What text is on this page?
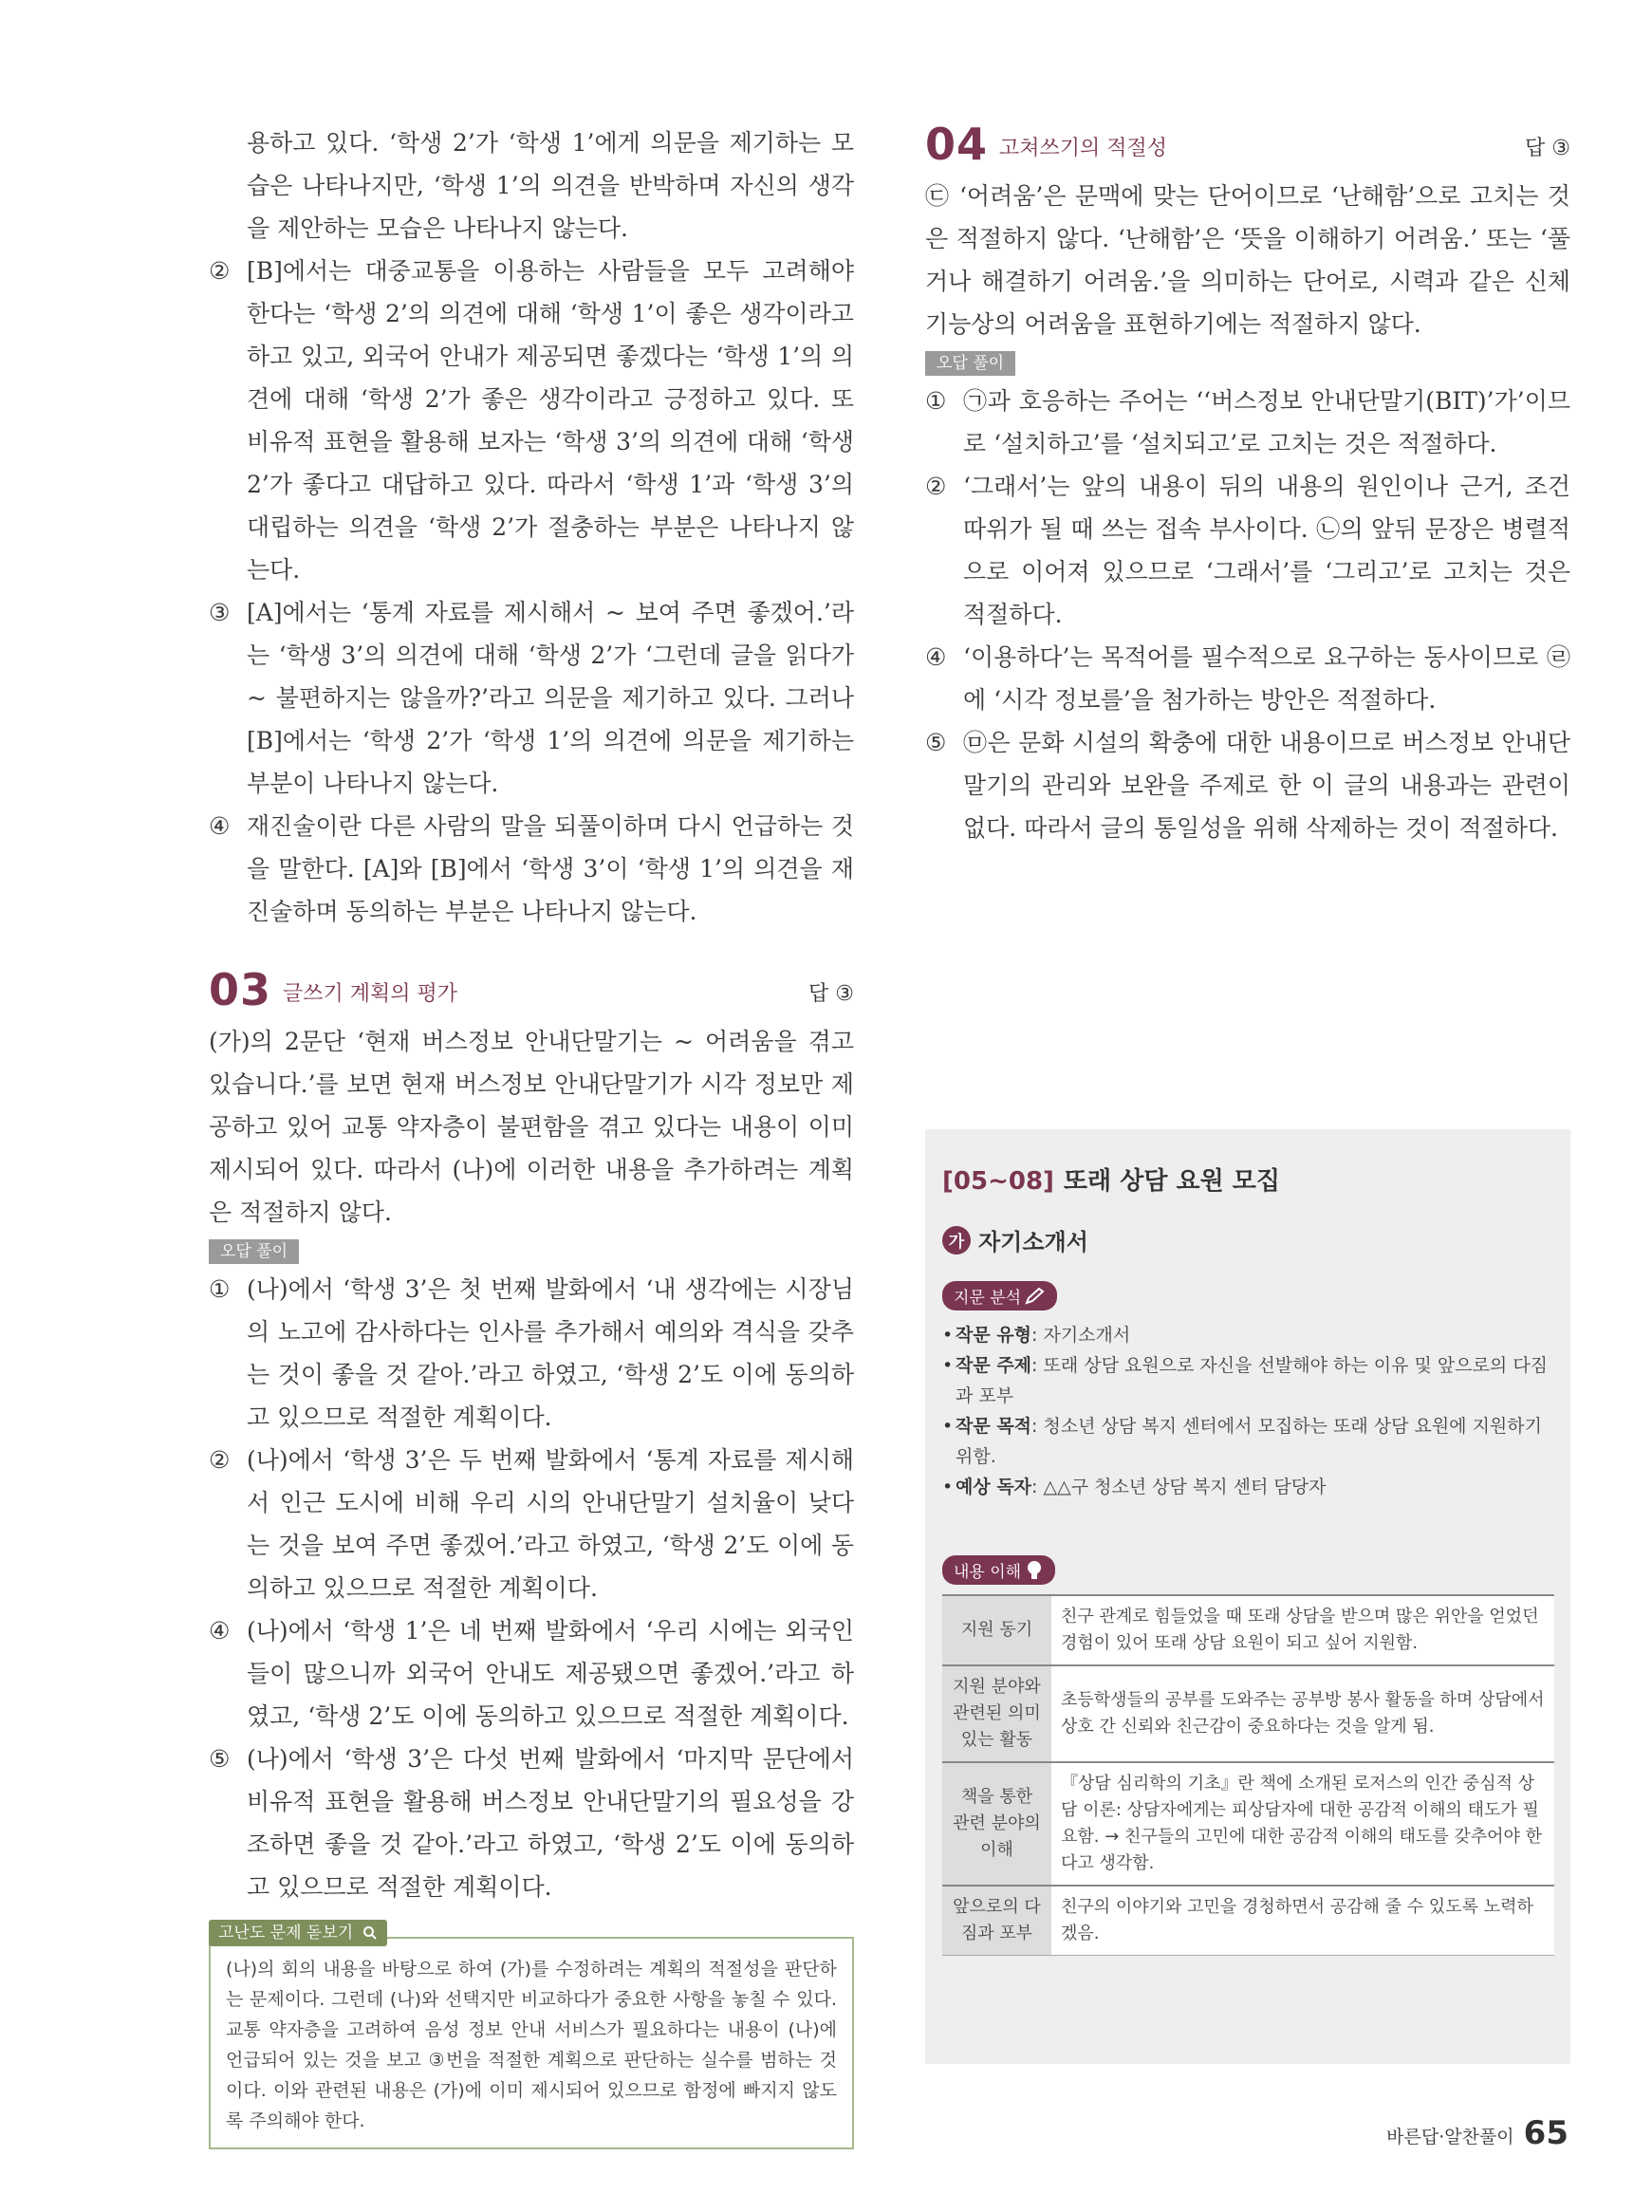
용하고 있다. ‘학생 2’가 ‘학생 1’에게 의문을 제기하는 모습은 나타나지만, ‘학생 1’의 의견을 반박하며 자신의 생각을 제안하는 모습은 나타나지 않는다.

② [B]에서는 대중교통을 이용하는 사람들을 모두 고려해야 한다는 ‘학생 2’의 의견에 대해 ‘학생 1’이 좋은 생각이라고 하고 있고, 외국어 안내가 제공되면 좋겠다는 ‘학생 1’의 의견에 대해 ‘학생 2’가 좋은 생각이라고 긍정하고 있다. 또 비유적 표현을 활용해 보자는 ‘학생 3’의 의견에 대해 ‘학생 2’가 좋다고 대답하고 있다. 따라서 ‘학생 1’과 ‘학생 3’의 대립하는 의견을 ‘학생 2’가 절충하는 부분은 나타나지 않는다.

③ [A]에서는 ‘통계 자료를 제시해서 ~ 보여 주면 좋겠어.’라는 ‘학생 3’의 의견에 대해 ‘학생 2’가 ‘그런데 글을 읽다가 ~ 불편하지는 않을까?’라고 의문을 제기하고 있다. 그러나 [B]에서는 ‘학생 2’가 ‘학생 1’의 의견에 의문을 제기하는 부분이 나타나지 않는다.

④ 재진술이란 다른 사람의 말을 되풀이하며 다시 언급하는 것을 말한다. [A]와 [B]에서 ‘학생 3’이 ‘학생 1’의 의견을 재진술하며 동의하는 부분은 나타나지 않는다.

03 글쓰기 계획의 평가	답 ③

(가)의 2문단 ‘현재 버스정보 안내단말기는 ~ 어려움을 겪고 있습니다.’를 보면 현재 버스정보 안내단말기가 시각 정보만 제공하고 있어 교통 약자층이 불편함을 겪고 있다는 내용이 이미 제시되어 있다. 따라서 (나)에 이러한 내용을 추가하려는 계획은 적절하지 않다.

오답 풀이

① (나)에서 ‘학생 3’은 첫 번째 발화에서 ‘내 생각에는 시장님의 노고에 감사하다는 인사를 추가해서 예의와 격식을 갖추는 것이 좋을 것 같아.’라고 하였고, ‘학생 2’도 이에 동의하고 있으므로 적절한 계획이다.

② (나)에서 ‘학생 3’은 두 번째 발화에서 ‘통계 자료를 제시해서 인근 도시에 비해 우리 시의 안내단말기 설치율이 낮다는 것을 보여 주면 좋겠어.’라고 하였고, ‘학생 2’도 이에 동의하고 있으므로 적절한 계획이다.

④ (나)에서 ‘학생 1’은 네 번째 발화에서 ‘우리 시에는 외국인들이 많으니까 외국어 안내도 제공됐으면 좋겠어.’라고 하였고, ‘학생 2’도 이에 동의하고 있으므로 적절한 계획이다.

⑤ (나)에서 ‘학생 3’은 다섯 번째 발화에서 ‘마지막 문단에서 비유적 표현을 활용해 버스정보 안내단말기의 필요성을 강조하면 좋을 것 같아.’라고 하였고, ‘학생 2’도 이에 동의하고 있으므로 적절한 계획이다.

고난도 문제 돋보기

(나)의 회의 내용을 바탕으로 하여 (가)를 수정하려는 계획의 적절성을 판단하는 문제이다. 그런데 (나)와 선택지만 비교하다가 중요한 사항을 놓칠 수 있다. 교통 약자층을 고려하여 음성 정보 안내 서비스가 필요하다는 내용이 (나)에 언급되어 있는 것을 보고 ③번을 적절한 계획으로 판단하는 실수를 범하는 것이다. 이와 관련된 내용은 (가)에 이미 제시되어 있으므로 함정에 빠지지 않도록 주의해야 한다.

04 고쳐쓰기의 적절성	답 ③

㉢ ‘어려움’은 문맥에 맞는 단어이므로 ‘난해함’으로 고치는 것은 적절하지 않다. ‘난해함’은 ‘뜻을 이해하기 어려움.’ 또는 ‘풀거나 해결하기 어려움.’을 의미하는 단어로, 시력과 같은 신체 기능상의 어려움을 표현하기에는 적절하지 않다.

오답 풀이

① ㉠과 호응하는 주어는 ‘‘버스정보 안내단말기(BIT)’가’이므로 ‘설치하고’를 ‘설치되고’로 고치는 것은 적절하다.

② ‘그래서’는 앞의 내용이 뒤의 내용의 원인이나 근거, 조건 따위가 될 때 쓰는 접속 부사이다. ㉡의 앞뒤 문장은 병렬적으로 이어져 있으므로 ‘그래서’를 ‘그리고’로 고치는 것은 적절하다.

④ ‘이용하다’는 목적어를 필수적으로 요구하는 동사이므로 ㉣에 ‘시각 정보를’을 첨가하는 방안은 적절하다.

⑤ ㉤은 문화 시설의 확충에 대한 내용이므로 버스정보 안내단말기의 관리와 보완을 주제로 한 이 글의 내용과는 관련이 없다. 따라서 글의 통일성을 위해 삭제하는 것이 적절하다.

[05~08] 또래 상담 요원 모집
가 자기소개서
지문 분석
• 작문 유형: 자기소개서
• 작문 주제: 또래 상담 요원으로 자신을 선발해야 하는 이유 및 앞으로의 다짐과 포부
• 작문 목적: 청소년 상담 복지 센터에서 모집하는 또래 상담 요원에 지원하기 위함.
• 예상 독자: △△구 청소년 상담 복지 센터 담당자
내용 이해
지원 동기	친구 관계로 힘들었을 때 또래 상담을 받으며 많은 위안을 얻었던 경험이 있어 또래 상담 요원이 되고 싶어 지원함.
지원 분야와 관련된 의미 있는 활동	초등학생들의 공부를 도와주는 공부방 봉사 활동을 하며 상담에서 상호 간 신뢰와 친근감이 중요하다는 것을 알게 됨.
책을 통한 관련 분야의 이해	『상담 심리학의 기초』란 책에 소개된 로저스의 인간 중심적 상담 이론: 상담자에게는 피상담자에 대한 공감적 이해의 태도가 필요함. → 친구들의 고민에 대한 공감적 이해의 태도를 갖추어야 한다고 생각함.
앞으로의 다짐과 포부	친구의 이야기와 고민을 경청하면서 공감해 줄 수 있도록 노력하겠음.
바른답·알찬풀이 65
